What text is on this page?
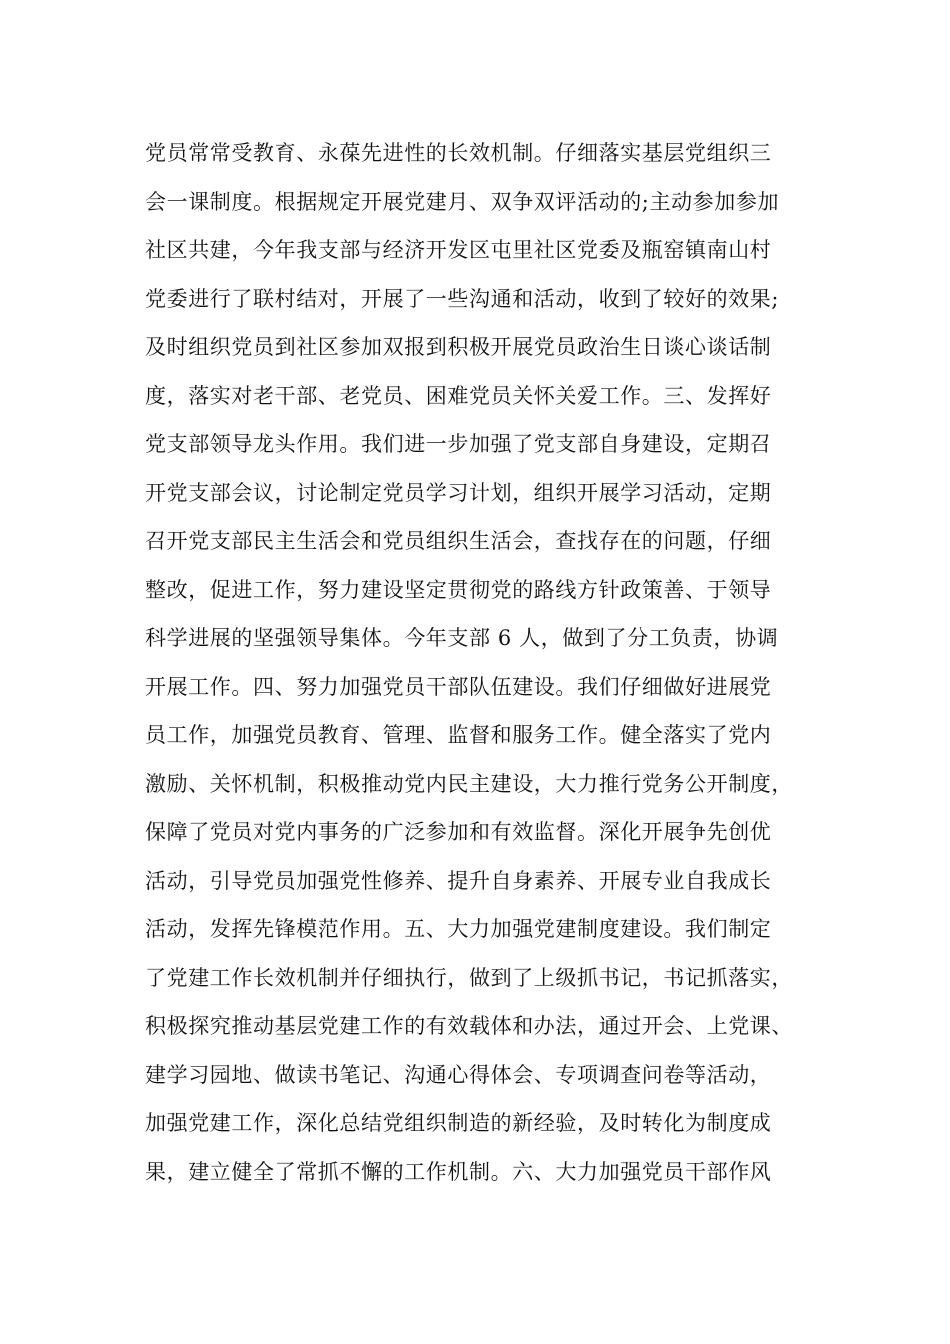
党员常常受教育、永葆先进性的长效机制。仔细落实基层党组织三
会一课制度。根据规定开展党建月、双争双评活动的;主动参加参加
社区共建，今年我支部与经济开发区屯里社区党委及瓶窑镇南山村
党委进行了联村结对，开展了一些沟通和活动，收到了较好的效果;
及时组织党员到社区参加双报到积极开展党员政治生日谈心谈话制
度，落实对老干部、老党员、困难党员关怀关爱工作。三、发挥好
党支部领导龙头作用。我们进一步加强了党支部自身建设，定期召
开党支部会议，讨论制定党员学习计划，组织开展学习活动，定期
召开党支部民主生活会和党员组织生活会，查找存在的问题，仔细
整改，促进工作，努力建设坚定贯彻党的路线方针政策善、于领导
科学进展的坚强领导集体。今年支部 6 人，做到了分工负责，协调
开展工作。四、努力加强党员干部队伍建设。我们仔细做好进展党
员工作，加强党员教育、管理、监督和服务工作。健全落实了党内
激励、关怀机制，积极推动党内民主建设，大力推行党务公开制度，
保障了党员对党内事务的广泛参加和有效监督。深化开展争先创优
活动，引导党员加强党性修养、提升自身素养、开展专业自我成长
活动，发挥先锋模范作用。五、大力加强党建制度建设。我们制定
了党建工作长效机制并仔细执行，做到了上级抓书记，书记抓落实，
积极探究推动基层党建工作的有效载体和办法，通过开会、上党课、
建学习园地、做读书笔记、沟通心得体会、专项调查问卷等活动，
加强党建工作，深化总结党组织制造的新经验，及时转化为制度成
果，建立健全了常抓不懈的工作机制。六、大力加强党员干部作风
